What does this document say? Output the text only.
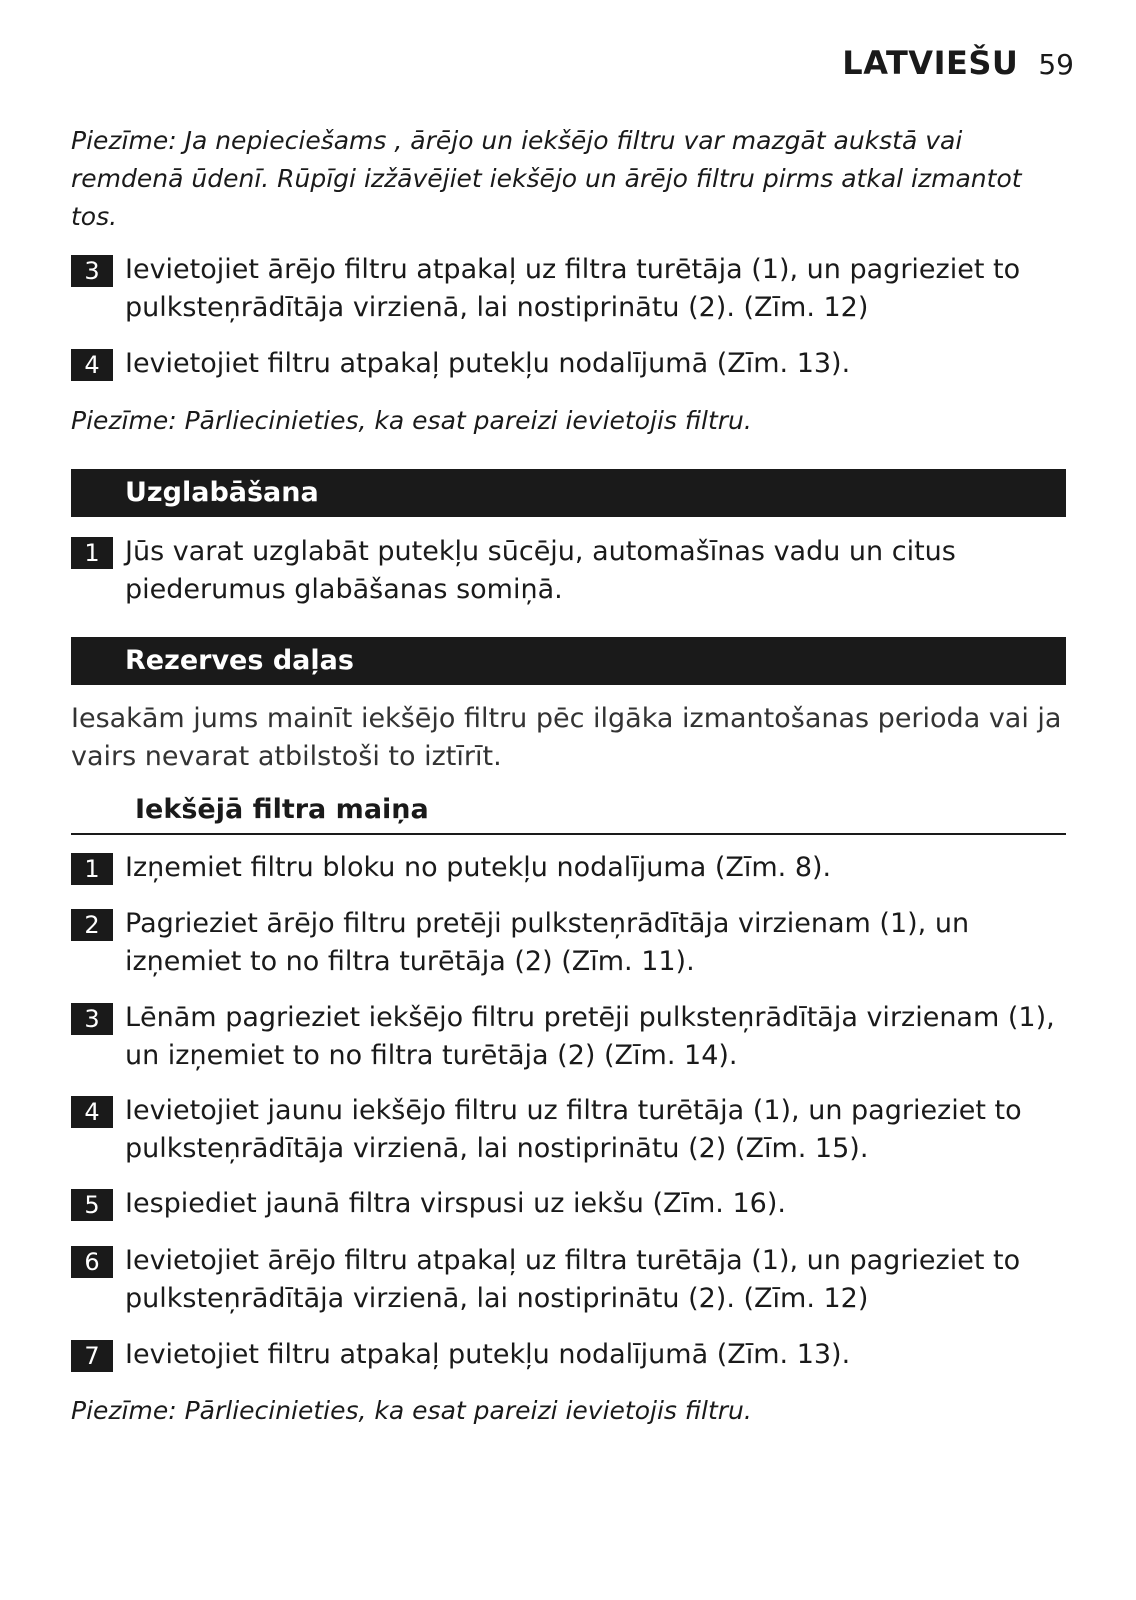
LATVIEŠU 59

Piezīme: Ja nepieciešams , ārējo un iekšējo filtru var mazgāt aukstā vai remdenā ūdenī. Rūpīgi izžāvējiet iekšējo un ārējo filtru pirms atkal izmantot tos.

3 Ievietojiet ārējo filtru atpakaļ uz filtra turētāja (1), un pagrieziet to pulksteņrādītāja virzienā, lai nostiprinātu (2). (Zīm. 12)
4 Ievietojiet filtru atpakaļ putekļu nodalījumā (Zīm. 13).

Piezīme: Pārliecinieties, ka esat pareizi ievietojis filtru.

Uzglabāšana
1 Jūs varat uzglabāt putekļu sūcēju, automašīnas vadu un citus piederumus glabāšanas somiņā.
Rezerves daļas

Iesakām jums mainīt iekšējo filtru pēc ilgāka izmantošanas perioda vai ja vairs nevarat atbilstoši to iztīrīt.

Iekšējā filtra maiņa
1 Izņemiet filtru bloku no putekļu nodalījuma (Zīm. 8).
2 Pagrieziet ārējo filtru pretēji pulksteņrādītāja virzienam (1), un izņemiet to no filtra turētāja (2) (Zīm. 11).
3 Lēnām pagrieziet iekšējo filtru pretēji pulksteņrādītāja virzienam (1), un izņemiet to no filtra turētāja (2) (Zīm. 14).
4 Ievietojiet jaunu iekšējo filtru uz filtra turētāja (1), un pagrieziet to pulksteņrādītāja virzienā, lai nostiprinātu (2) (Zīm. 15).
5 Iespiediet jaunā filtra virspusi uz iekšu (Zīm. 16).
6 Ievietojiet ārējo filtru atpakaļ uz filtra turētāja (1), un pagrieziet to pulksteņrādītāja virzienā, lai nostiprinātu (2). (Zīm. 12)
7 Ievietojiet filtru atpakaļ putekļu nodalījumā (Zīm. 13).

Piezīme: Pārliecinieties, ka esat pareizi ievietojis filtru.
